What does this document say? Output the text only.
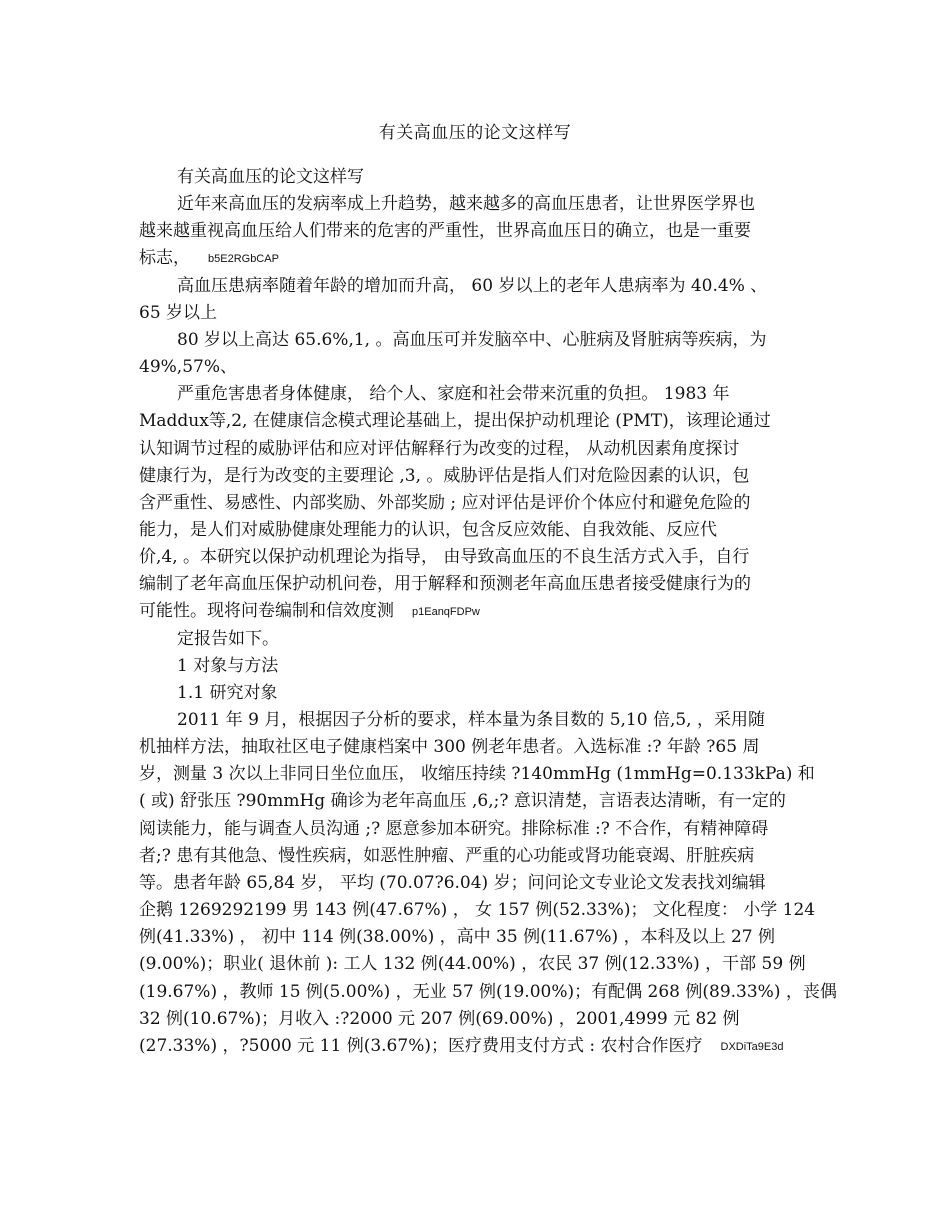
有关高血压的论文这样写
有关高血压的论文这样写
近年来高血压的发病率成上升趋势，越来越多的高血压患者，让世界医学界也
越来越重视高血压给人们带来的危害的严重性，世界高血压日的确立，也是一重要
标志， b5E2RGbCAP
高血压患病率随着年龄的增加而升高， 60 岁以上的老年人患病率为 40.4% 、
65 岁以上
80 岁以上高达 65.6%,1, 。高血压可并发脑卒中、心脏病及肾脏病等疾病，为
49%,57%、
严重危害患者身体健康， 给个人、家庭和社会带来沉重的负担。 1983 年
Maddux等,2, 在健康信念模式理论基础上，提出保护动机理论 (PMT)，该理论通过
认知调节过程的威胁评估和应对评估解释行为改变的过程， 从动机因素角度探讨
健康行为，是行为改变的主要理论 ,3, 。威胁评估是指人们对危险因素的认识，包
含严重性、易感性、内部奖励、外部奖励 ; 应对评估是评价个体应付和避免危险的
能力，是人们对威胁健康处理能力的认识，包含反应效能、自我效能、反应代
价,4, 。本研究以保护动机理论为指导， 由导致高血压的不良生活方式入手，自行
编制了老年高血压保护动机问卷，用于解释和预测老年高血压患者接受健康行为的
可能性。现将问卷编制和信效度测 p1EanqFDPw
定报告如下。
1 对象与方法
1.1 研究对象
2011 年 9 月，根据因子分析的要求，样本量为条目数的 5,10 倍,5, ，采用随
机抽样方法，抽取社区电子健康档案中 300 例老年患者。入选标准 :? 年龄 ?65 周
岁，测量 3 次以上非同日坐位血压， 收缩压持续 ?140mmHg (1mmHg=0.133kPa) 和
( 或) 舒张压 ?90mmHg 确诊为老年高血压 ,6,;? 意识清楚，言语表达清晰，有一定的
阅读能力，能与调查人员沟通 ;? 愿意参加本研究。排除标准 :? 不合作，有精神障碍
者;? 患有其他急、慢性疾病，如恶性肿瘤、严重的心功能或肾功能衰竭、肝脏疾病
等。患者年龄 65,84 岁， 平均 (70.07?6.04) 岁；问问论文专业论文发表找刘编辑
企鹅 1269292199 男 143 例(47.67%) ， 女 157 例(52.33%)； 文化程度： 小学 124
例(41.33%) ， 初中 114 例(38.00%) ，高中 35 例(11.67%) ，本科及以上 27 例
(9.00%)；职业( 退休前 ): 工人 132 例(44.00%) ，农民 37 例(12.33%) ，干部 59 例
(19.67%) ，教师 15 例(5.00%) ，无业 57 例(19.00%)；有配偶 268 例(89.33%) ，丧偶
32 例(10.67%)；月收入 :?2000 元 207 例(69.00%) ，2001,4999 元 82 例
(27.33%) ，?5000 元 11 例(3.67%)；医疗费用支付方式 : 农村合作医疗 DXDiTa9E3d
